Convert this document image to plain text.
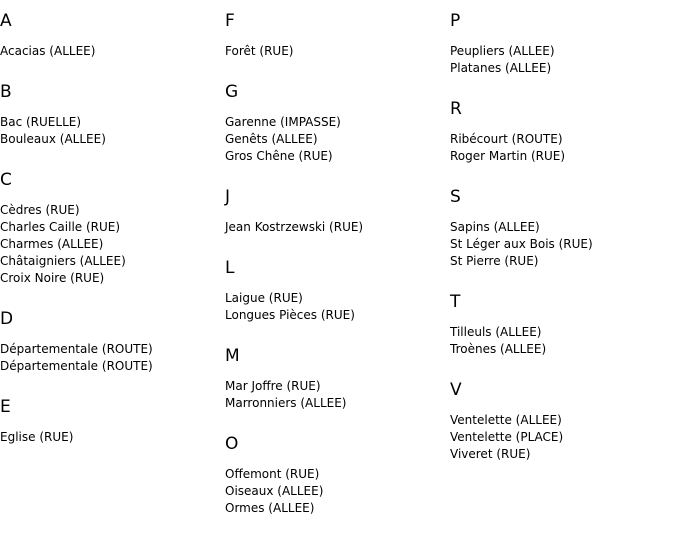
A
Acacias (ALLEE)
B
Bac (RUELLE)
Bouleaux (ALLEE)
C
Cèdres (RUE)
Charles Caille (RUE)
Charmes (ALLEE)
Châtaigniers (ALLEE)
Croix Noire (RUE)
D
Départementale (ROUTE)
Départementale (ROUTE)
E
Eglise (RUE)
F
Forêt (RUE)
G
Garenne (IMPASSE)
Genêts (ALLEE)
Gros Chêne (RUE)
J
Jean Kostrzewski (RUE)
L
Laigue (RUE)
Longues Pièces (RUE)
M
Mar Joffre (RUE)
Marronniers (ALLEE)
O
Offemont (RUE)
Oiseaux (ALLEE)
Ormes (ALLEE)
P
Peupliers (ALLEE)
Platanes (ALLEE)
R
Ribécourt (ROUTE)
Roger Martin (RUE)
S
Sapins (ALLEE)
St Léger aux Bois (RUE)
St Pierre (RUE)
T
Tilleuls (ALLEE)
Troènes (ALLEE)
V
Ventelette (ALLEE)
Ventelette (PLACE)
Viveret (RUE)
